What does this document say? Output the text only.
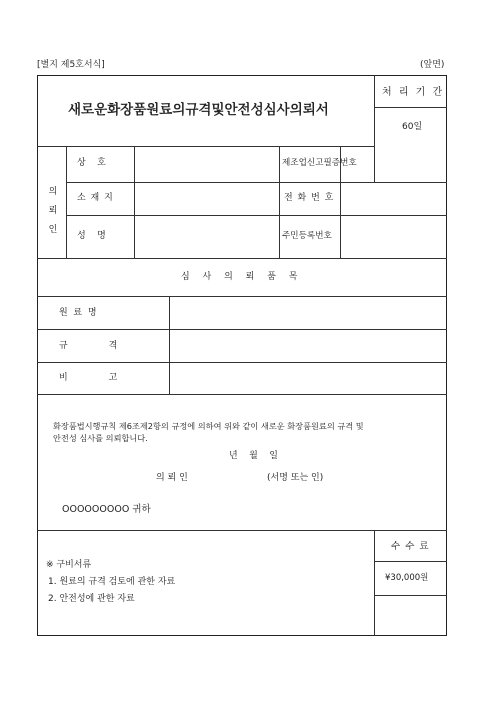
[별지 제5호서식]	(앞면)
새로운화장품원료의규격및안전성심사의뢰서
처 리 기 간
60일
의 뢰 인
상    호	제조업신고필증번호
소 재 지	전 화 번 호
성    명	주민등록번호
심 사 의 뢰 품 목
원  료  명
규        격
비        고
화장품법시행규칙 제6조제2항의 규정에 의하여 위와 같이 새로운 화장품원료의 규격 및
안전성 심사를 의뢰합니다.
년    월    일
의 뢰 인	(서명 또는 인)
OOOOOOOOO 귀하
수 수 료
¥30,000원
※ 구비서류
1. 원료의 규격 검토에 관한 자료
2. 안전성에 관한 자료
